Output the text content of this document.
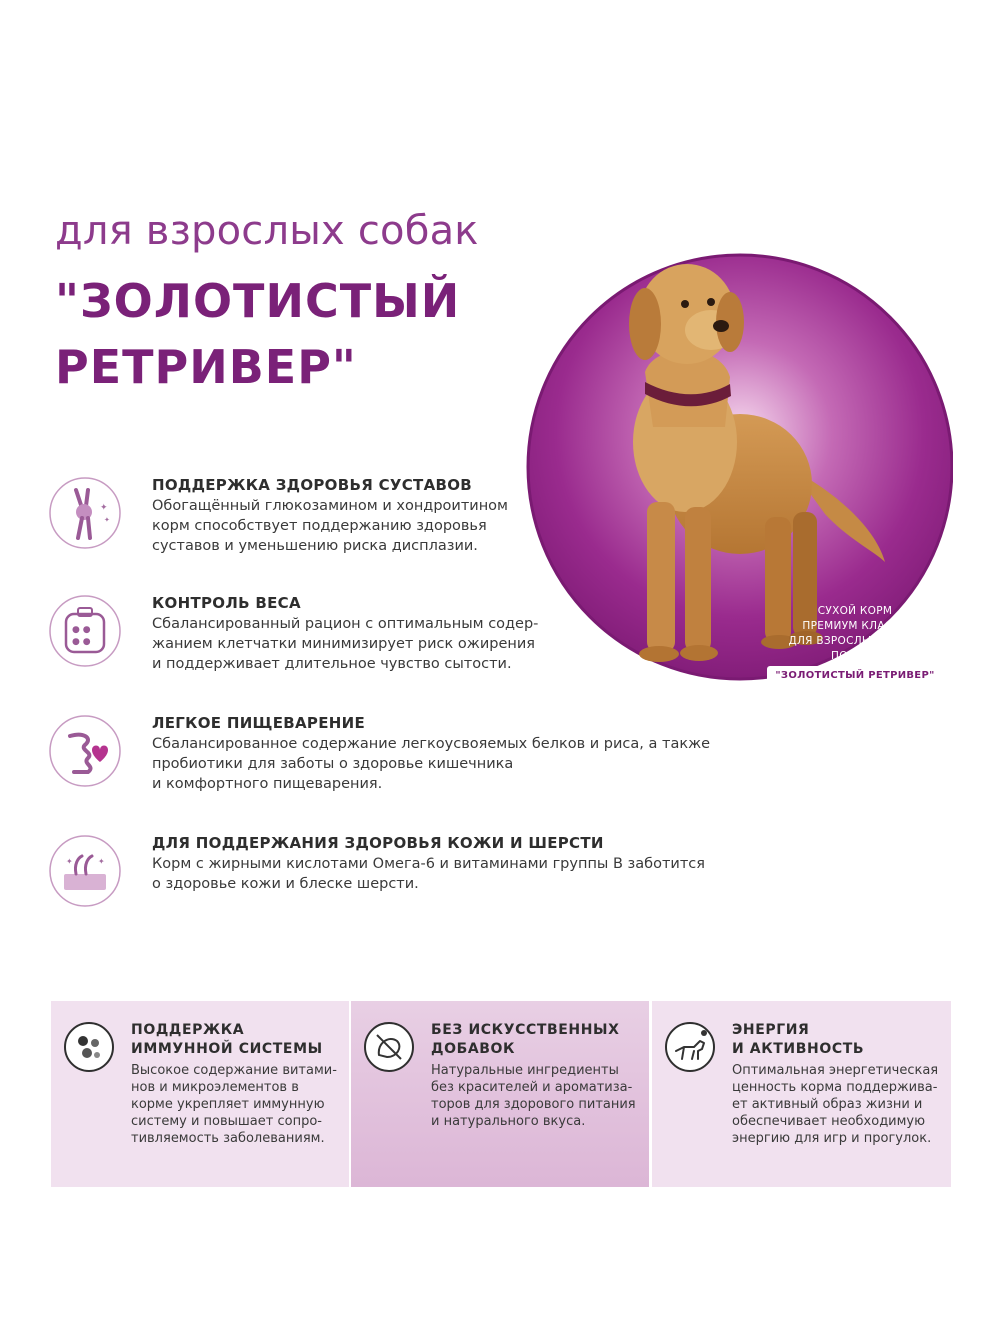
для взрослых собак
"ЗОЛОТИСТЫЙ
РЕТРИВЕР"
СУХОЙ КОРМ
ПРЕМИУМ КЛАССА
ДЛЯ ВЗРОСЛЫХ СОБАК
ПОРОДА
"ЗОЛОТИСТЫЙ РЕТРИВЕР"
С ГОВЯДИНОЙ
✦
✦
ПОДДЕРЖКА ЗДОРОВЬЯ СУСТАВОВ
Обогащённый глюкозамином и хондроитином
корм способствует поддержанию здоровья
суставов и уменьшению риска дисплазии.
● ●
● ●
КОНТРОЛЬ ВЕСА
Сбалансированный рацион с оптимальным содер-
жанием клетчатки минимизирует риск ожирения
и поддерживает длительное чувство сытости.
ЛЕГКОЕ ПИЩЕВАРЕНИЕ
Сбалансированное содержание легкоусвояемых белков и риса, а также
пробиотики для заботы о здоровье кишечника
и комфортного пищеварения.
✦	✦
ДЛЯ ПОДДЕРЖАНИЯ ЗДОРОВЬЯ КОЖИ И ШЕРСТИ
Корм с жирными кислотами Омега-6 и витаминами группы В заботится
о здоровье кожи и блеске шерсти.
ПОДДЕРЖКА
ИММУННОЙ СИСТЕМЫ
Высокое содержание витами-
нов и микроэлементов в
корме укрепляет иммунную
систему и повышает сопро-
тивляемость заболеваниям.
БЕЗ ИСКУССТВЕННЫХ
ДОБАВОК
Натуральные ингредиенты
без красителей и ароматиза-
торов для здорового питания
и натурального вкуса.
ЭНЕРГИЯ
И АКТИВНОСТЬ
Оптимальная энергетическая
ценность корма поддержива-
ет активный образ жизни и
обеспечивает необходимую
энергию для игр и прогулок.
